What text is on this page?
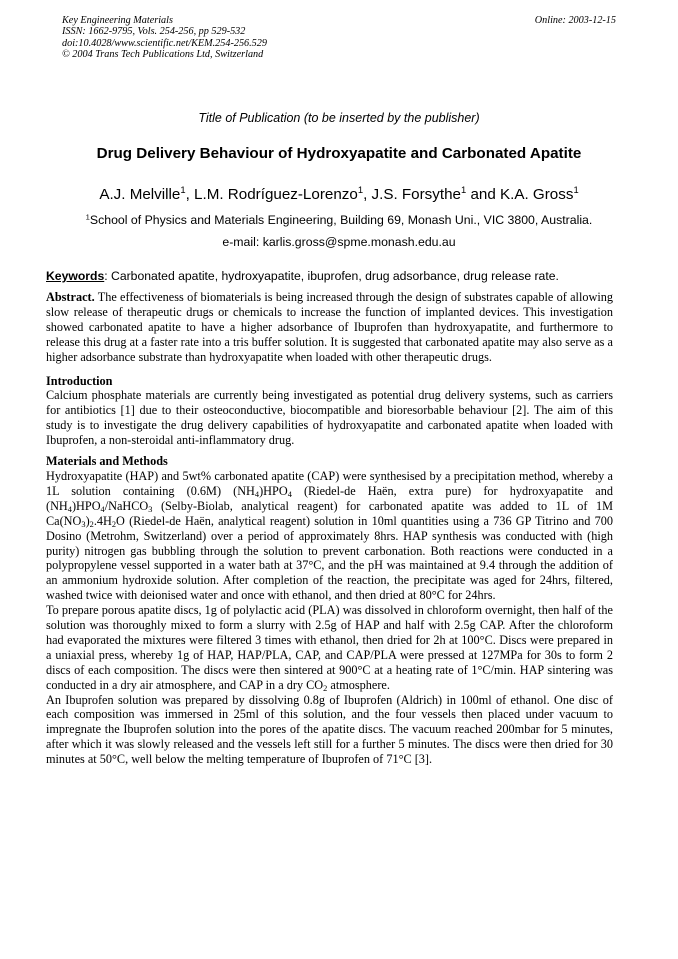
Key Engineering Materials
ISSN: 1662-9795, Vols. 254-256, pp 529-532
doi:10.4028/www.scientific.net/KEM.254-256.529
© 2004 Trans Tech Publications Ltd, Switzerland
Online: 2003-12-15
Title of Publication (to be inserted by the publisher)
Drug Delivery Behaviour of Hydroxyapatite and Carbonated Apatite
A.J. Melville$^1$, L.M. Rodríguez-Lorenzo$^1$, J.S. Forsythe$^1$ and K.A. Gross$^1$
$^1$School of Physics and Materials Engineering, Building 69, Monash Uni., VIC 3800, Australia.
e-mail: karlis.gross@spme.monash.edu.au
Keywords: Carbonated apatite, hydroxyapatite, ibuprofen, drug adsorbance, drug release rate.

Abstract. The effectiveness of biomaterials is being increased through the design of substrates capable of allowing slow release of therapeutic drugs or chemicals to increase the function of implanted devices. This investigation showed carbonated apatite to have a higher adsorbance of Ibuprofen than hydroxyapatite, and furthermore to release this drug at a faster rate into a tris buffer solution. It is suggested that carbonated apatite may also serve as a higher adsorbance substrate than hydroxyapatite when loaded with other therapeutic drugs.

Introduction

Calcium phosphate materials are currently being investigated as potential drug delivery systems, such as carriers for antibiotics [1] due to their osteoconductive, biocompatible and bioresorbable behaviour [2]. The aim of this study is to investigate the drug delivery capabilities of hydroxyapatite and carbonated apatite when loaded with Ibuprofen, a non-steroidal anti-inflammatory drug.

Materials and Methods

Hydroxyapatite (HAP) and 5wt% carbonated apatite (CAP) were synthesised by a precipitation method, whereby a 1L solution containing (0.6M) $(NH_4)HPO_4$ (Riedel-de Haën, extra pure) for hydroxyapatite and $(NH_4)HPO_4/NaHCO_3$ (Selby-Biolab, analytical reagent) for carbonated apatite was added to 1L of 1M $Ca(NO_3)_2.4H_2O$ (Riedel-de Haën, analytical reagent) solution in 10ml quantities using a 736 GP Titrino and 700 Dosino (Metrohm, Switzerland) over a period of approximately 8hrs. HAP synthesis was conducted with (high purity) nitrogen gas bubbling through the solution to prevent carbonation. Both reactions were conducted in a polypropylene vessel supported in a water bath at 37°C, and the pH was maintained at 9.4 through the addition of an ammonium hydroxide solution. After completion of the reaction, the precipitate was aged for 24hrs, filtered, washed twice with deionised water and once with ethanol, and then dried at 80°C for 24hrs.

To prepare porous apatite discs, 1g of polylactic acid (PLA) was dissolved in chloroform overnight, then half of the solution was thoroughly mixed to form a slurry with 2.5g of HAP and half with 2.5g CAP. After the chloroform had evaporated the mixtures were filtered 3 times with ethanol, then dried for 2h at 100°C. Discs were prepared in a uniaxial press, whereby 1g of HAP, HAP/PLA, CAP, and CAP/PLA were pressed at 127MPa for 30s to form 2 discs of each composition. The discs were then sintered at 900°C at a heating rate of 1°C/min. HAP sintering was conducted in a dry air atmosphere, and CAP in a dry $CO_2$ atmosphere.

An Ibuprofen solution was prepared by dissolving 0.8g of Ibuprofen (Aldrich) in 100ml of ethanol. One disc of each composition was immersed in 25ml of this solution, and the four vessels then placed under vacuum to impregnate the Ibuprofen solution into the pores of the apatite discs. The vacuum reached 200mbar for 5 minutes, after which it was slowly released and the vessels left still for a further 5 minutes. The discs were then dried for 30 minutes at 50°C, well below the melting temperature of Ibuprofen of 71°C [3].
